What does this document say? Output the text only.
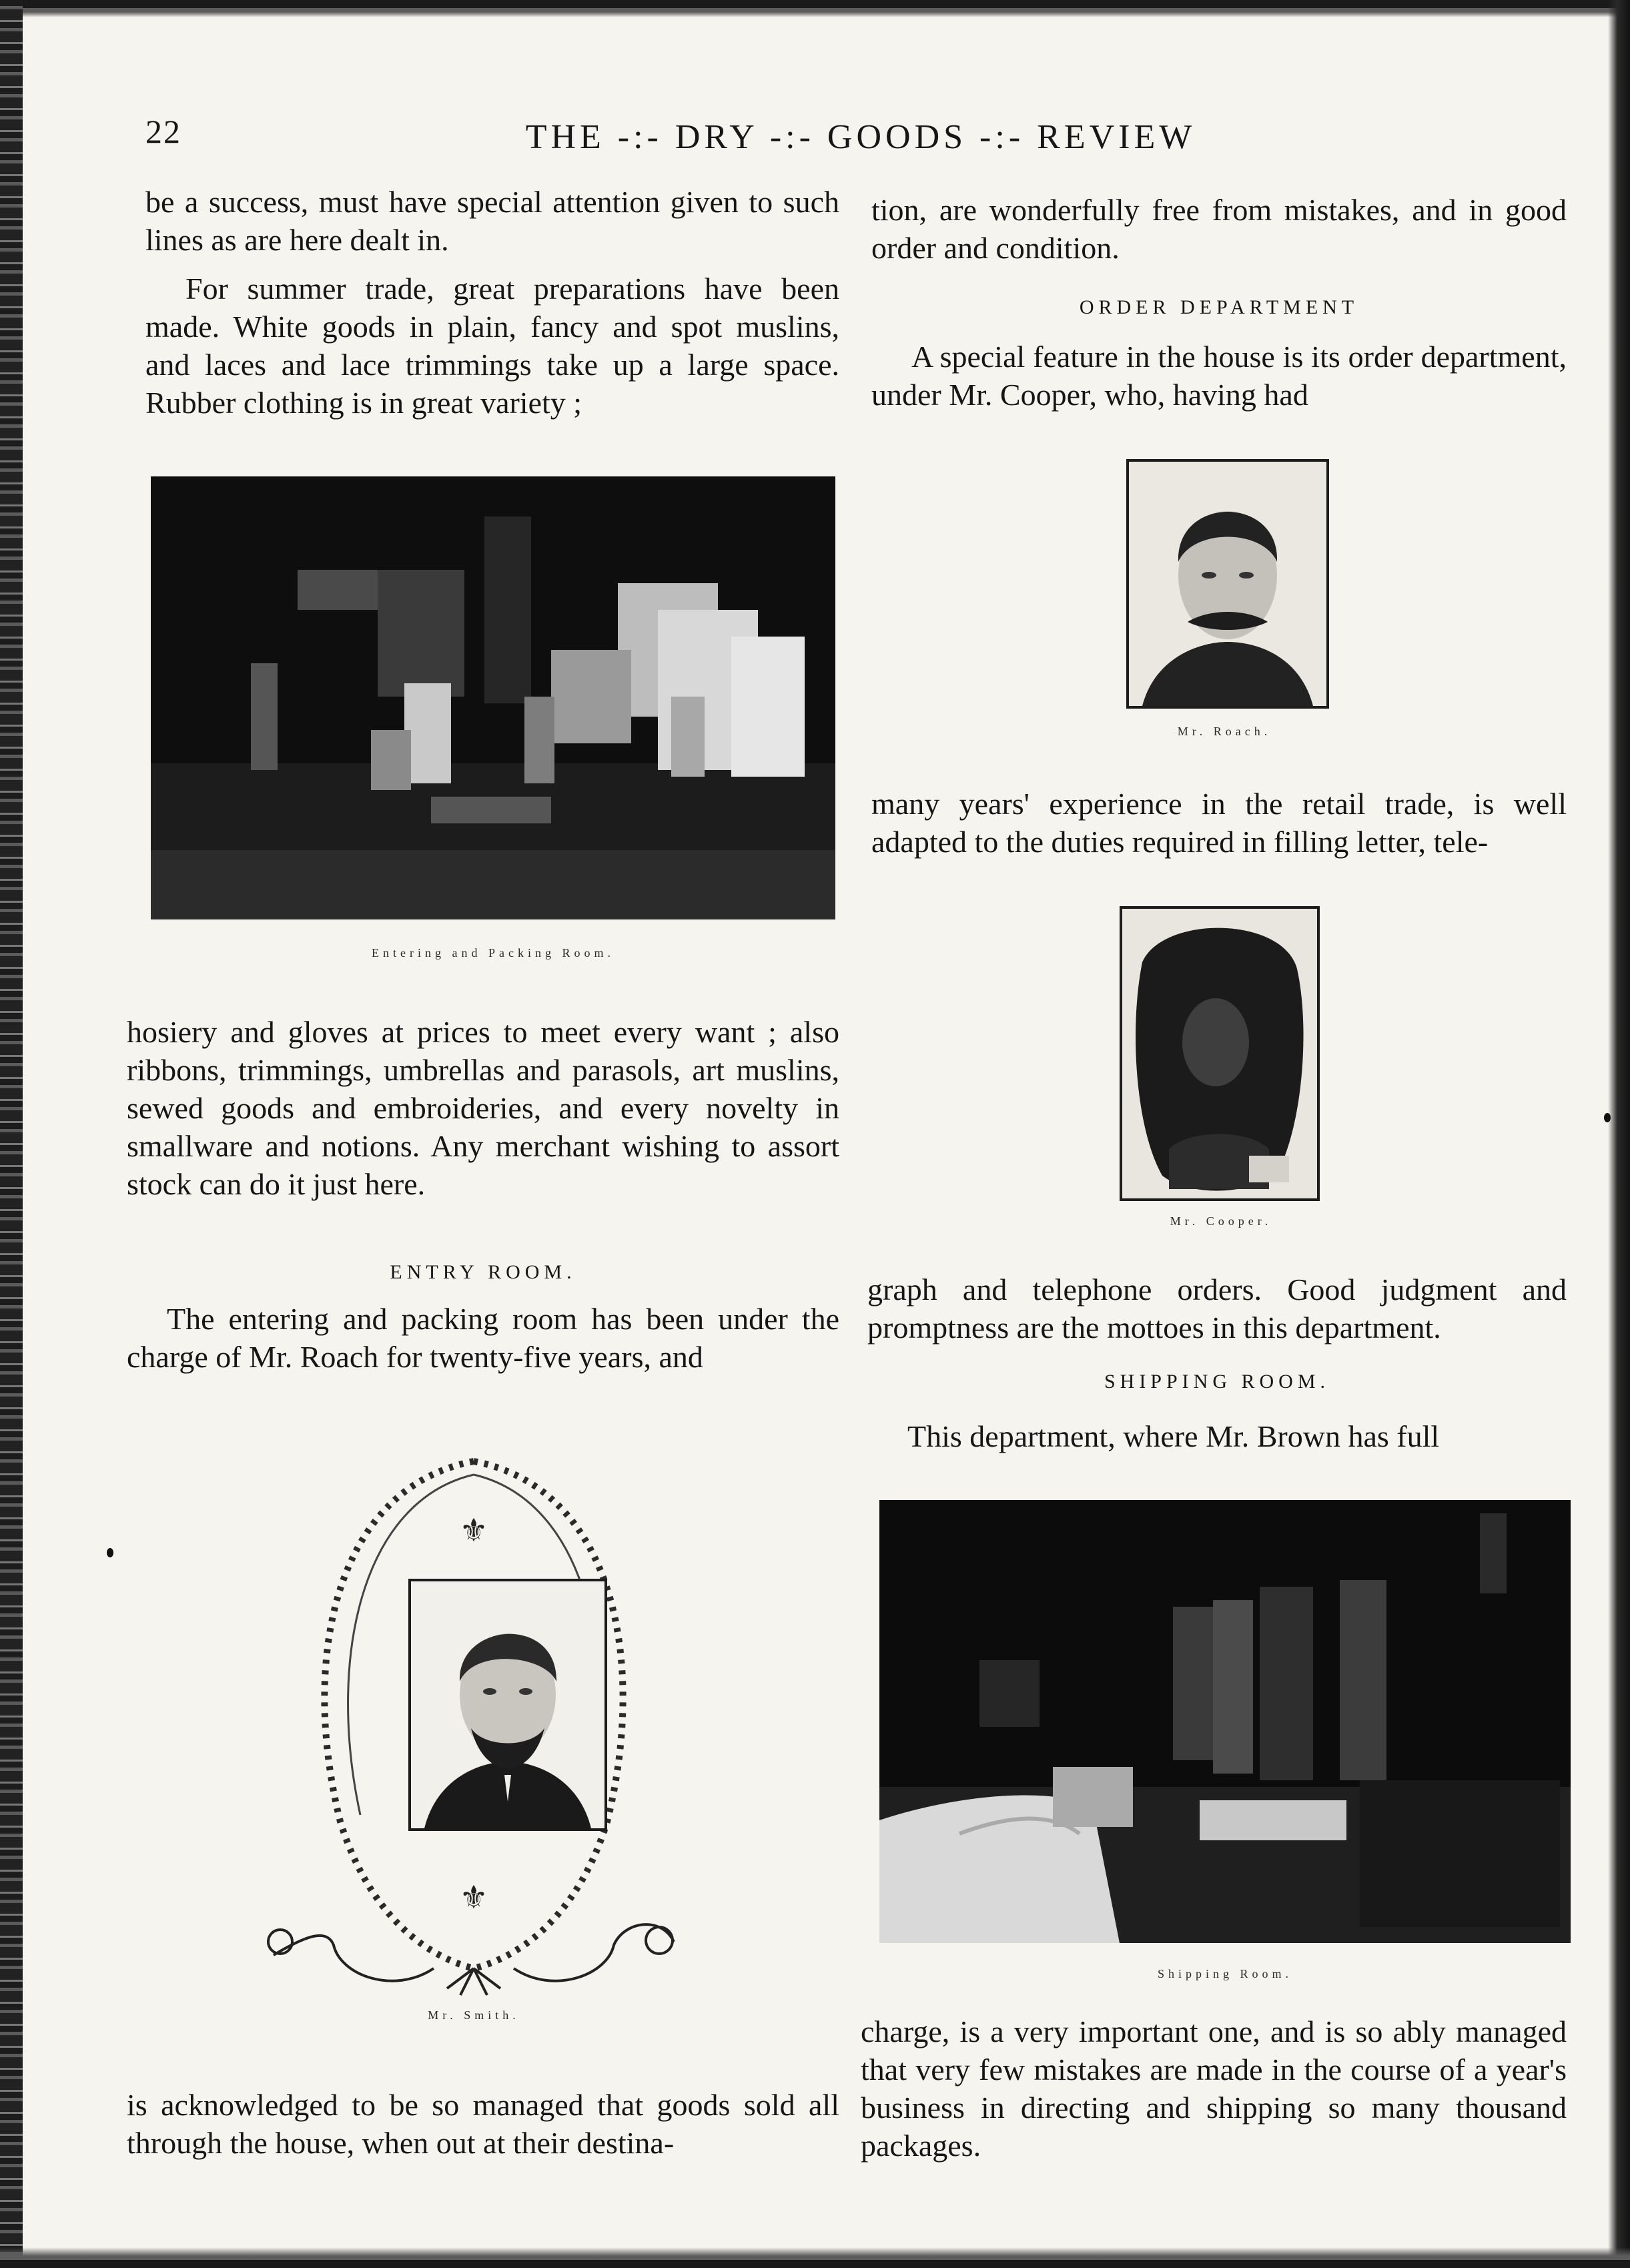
22	THE -:- DRY -:- GOODS -:- REVIEW

be a success, must have special attention given to such lines as are here dealt in.

For summer trade, great preparations have been made. White goods in plain, fancy and spot muslins, and laces and lace trimmings take up a large space. Rubber clothing is in great variety ;

Entering and Packing Room.

hosiery and gloves at prices to meet every want ; also ribbons, trimmings, umbrellas and parasols, art muslins, sewed goods and embroideries, and every novelty in smallware and notions. Any merchant wishing to assort stock can do it just here.

ENTRY ROOM.

The entering and packing room has been under the charge of Mr. Roach for twenty-five years, and

⚜
⚜
Mr. Smith.

is acknowledged to be so managed that goods sold all through the house, when out at their destina-

tion, are wonderfully free from mistakes, and in good order and condition.

ORDER DEPARTMENT

A special feature in the house is its order department, under Mr. Cooper, who, having had

Mr. Roach.

many years' experience in the retail trade, is well adapted to the duties required in filling letter, tele-

Mr. Cooper.

graph and telephone orders. Good judgment and promptness are the mottoes in this department.

SHIPPING ROOM.

This department, where Mr. Brown has full

Shipping Room.

charge, is a very important one, and is so ably managed that very few mistakes are made in the course of a year's business in directing and shipping so many thousand packages.
